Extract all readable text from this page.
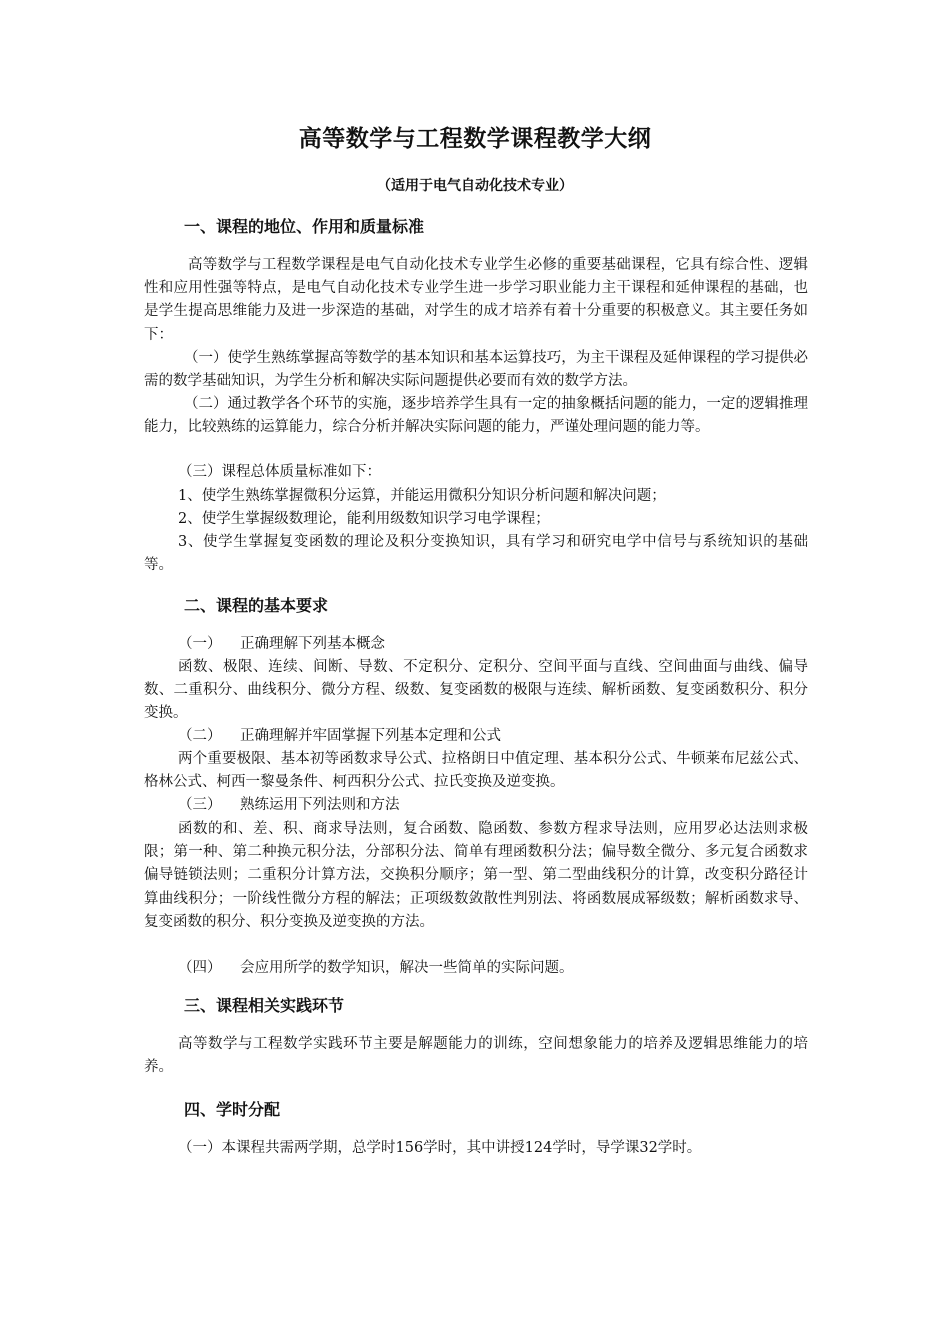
高等数学与工程数学课程教学大纲
（适用于电气自动化技术专业）
一、课程的地位、作用和质量标准
高等数学与工程数学课程是电气自动化技术专业学生必修的重要基础课程，它具有综合性、逻辑性和应用性强等特点，是电气自动化技术专业学生进一步学习职业能力主干课程和延伸课程的基础，也是学生提高思维能力及进一步深造的基础，对学生的成才培养有着十分重要的积极意义。其主要任务如下：
（一）使学生熟练掌握高等数学的基本知识和基本运算技巧，为主干课程及延伸课程的学习提供必需的数学基础知识，为学生分析和解决实际问题提供必要而有效的数学方法。
（二）通过教学各个环节的实施，逐步培养学生具有一定的抽象概括问题的能力，一定的逻辑推理能力，比较熟练的运算能力，综合分析并解决实际问题的能力，严谨处理问题的能力等。
（三）课程总体质量标准如下：
1、使学生熟练掌握微积分运算，并能运用微积分知识分析问题和解决问题；
2、使学生掌握级数理论，能利用级数知识学习电学课程；
3、使学生掌握复变函数的理论及积分变换知识，具有学习和研究电学中信号与系统知识的基础等。
二、课程的基本要求
（一） 正确理解下列基本概念
函数、极限、连续、间断、导数、不定积分、定积分、空间平面与直线、空间曲面与曲线、偏导数、二重积分、曲线积分、微分方程、级数、复变函数的极限与连续、解析函数、复变函数积分、积分变换。
（二） 正确理解并牢固掌握下列基本定理和公式
两个重要极限、基本初等函数求导公式、拉格朗日中值定理、基本积分公式、牛顿莱布尼兹公式、格林公式、柯西一黎曼条件、柯西积分公式、拉氏变换及逆变换。
（三） 熟练运用下列法则和方法
函数的和、差、积、商求导法则，复合函数、隐函数、参数方程求导法则，应用罗必达法则求极限；第一种、第二种换元积分法，分部积分法、简单有理函数积分法；偏导数全微分、多元复合函数求偏导链锁法则；二重积分计算方法，交换积分顺序；第一型、第二型曲线积分的计算，改变积分路径计算曲线积分；一阶线性微分方程的解法；正项级数敛散性判别法、将函数展成幂级数；解析函数求导、复变函数的积分、积分变换及逆变换的方法。
（四） 会应用所学的数学知识，解决一些简单的实际问题。
三、课程相关实践环节
高等数学与工程数学实践环节主要是解题能力的训练，空间想象能力的培养及逻辑思维能力的培养。
四、学时分配
（一）本课程共需两学期，总学时156学时，其中讲授124学时，导学课32学时。
